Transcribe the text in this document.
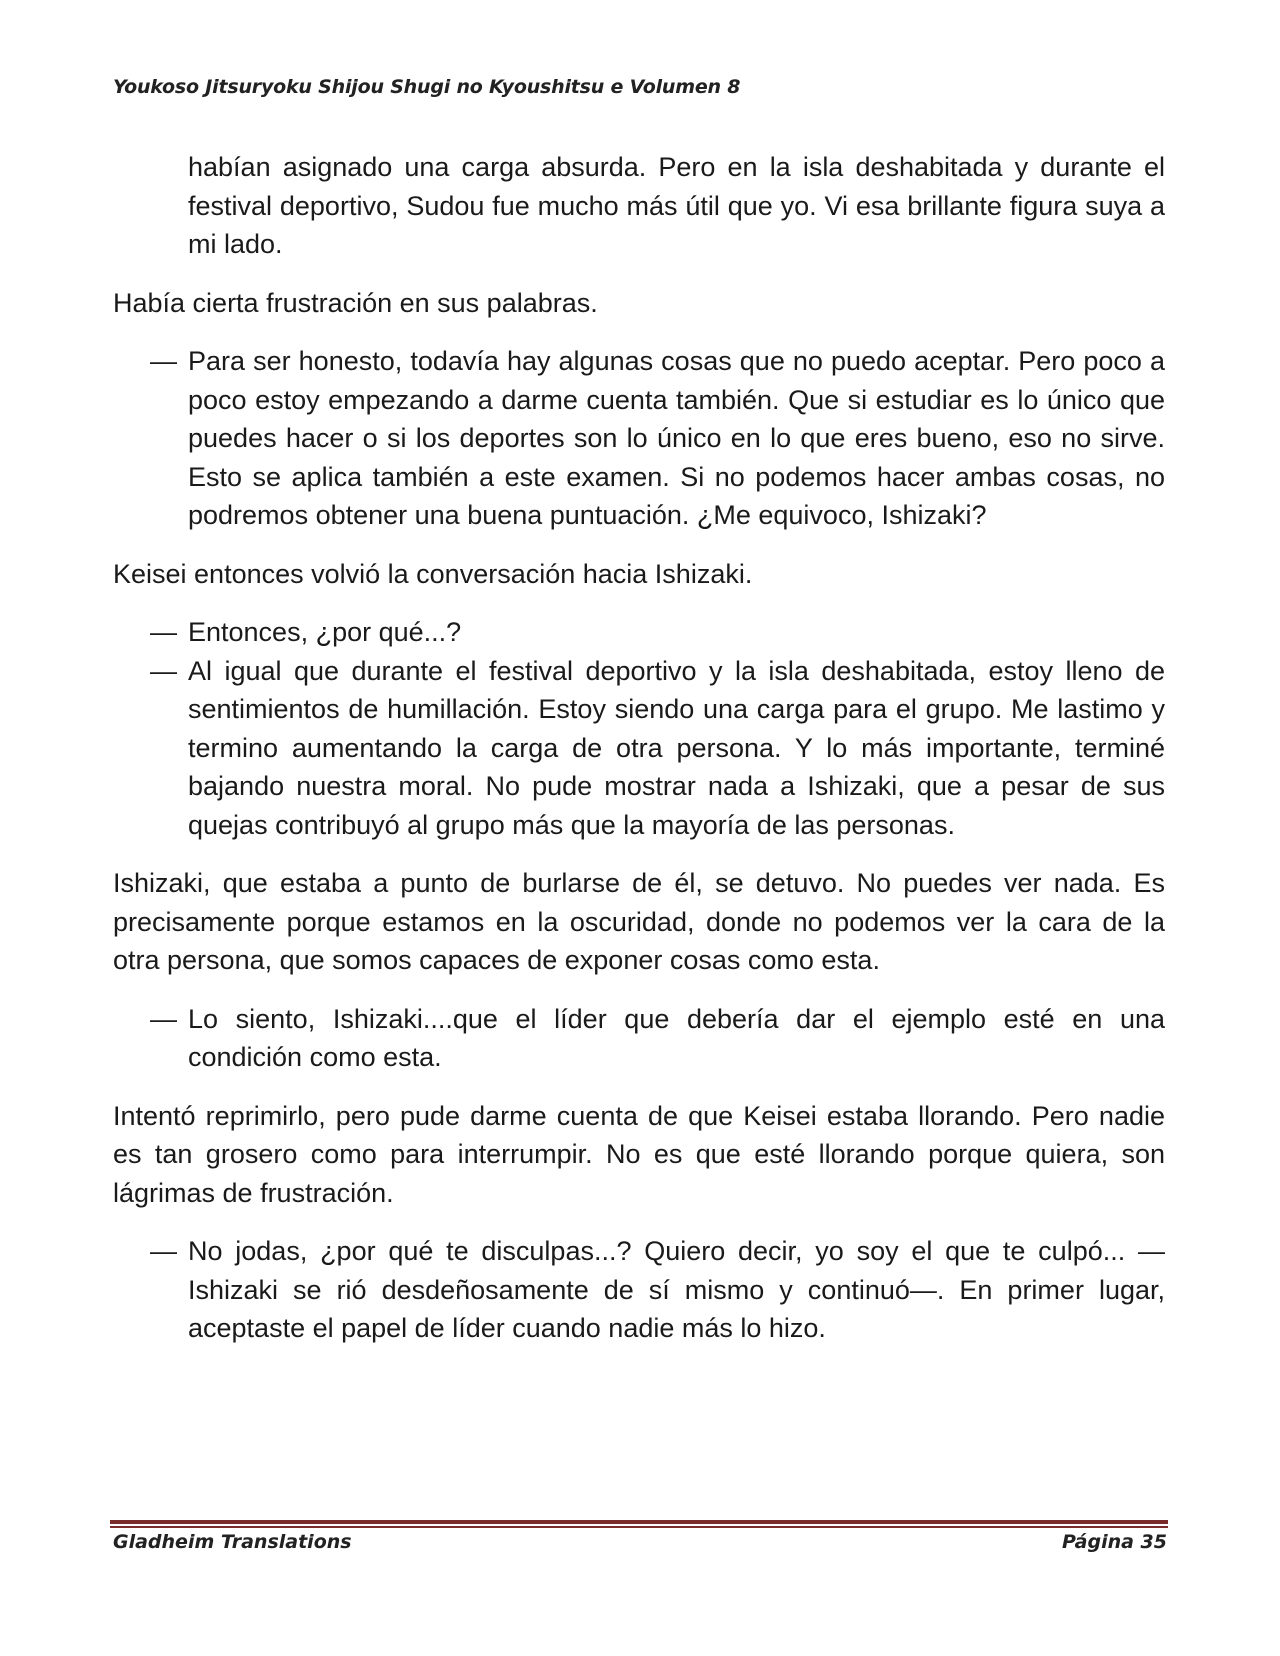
Youkoso Jitsuryoku Shijou Shugi no Kyoushitsu e Volumen 8

habían asignado una carga absurda. Pero en la isla deshabitada y durante el festival deportivo, Sudou fue mucho más útil que yo. Vi esa brillante figura suya a mi lado.

Había cierta frustración en sus palabras.

— Para ser honesto, todavía hay algunas cosas que no puedo aceptar. Pero poco a poco estoy empezando a darme cuenta también. Que si estudiar es lo único que puedes hacer o si los deportes son lo único en lo que eres bueno, eso no sirve. Esto se aplica también a este examen. Si no podemos hacer ambas cosas, no podremos obtener una buena puntuación. ¿Me equivoco, Ishizaki?

Keisei entonces volvió la conversación hacia Ishizaki.

— Entonces, ¿por qué...?

— Al igual que durante el festival deportivo y la isla deshabitada, estoy lleno de sentimientos de humillación. Estoy siendo una carga para el grupo. Me lastimo y termino aumentando la carga de otra persona. Y lo más importante, terminé bajando nuestra moral. No pude mostrar nada a Ishizaki, que a pesar de sus quejas contribuyó al grupo más que la mayoría de las personas.

Ishizaki, que estaba a punto de burlarse de él, se detuvo. No puedes ver nada. Es precisamente porque estamos en la oscuridad, donde no podemos ver la cara de la otra persona, que somos capaces de exponer cosas como esta.

— Lo siento, Ishizaki....que el líder que debería dar el ejemplo esté en una condición como esta.

Intentó reprimirlo, pero pude darme cuenta de que Keisei estaba llorando. Pero nadie es tan grosero como para interrumpir. No es que esté llorando porque quiera, son lágrimas de frustración.

— No jodas, ¿por qué te disculpas...? Quiero decir, yo soy el que te culpó... —Ishizaki se rió desdeñosamente de sí mismo y continuó—. En primer lugar, aceptaste el papel de líder cuando nadie más lo hizo.

Gladheim Translations	Página 35
